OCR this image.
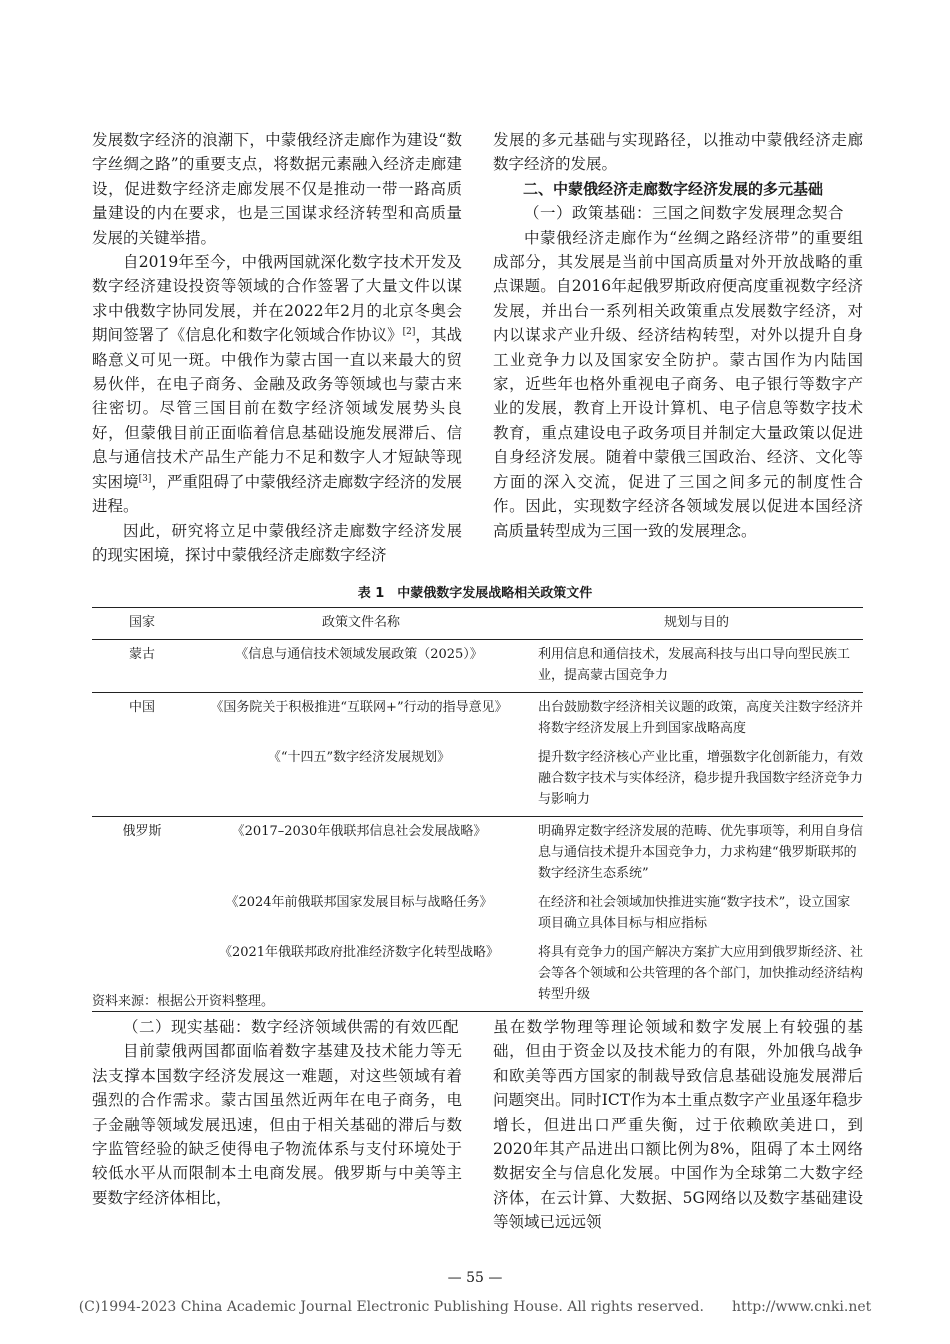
发展数字经济的浪潮下，中蒙俄经济走廊作为建设“数字丝绸之路”的重要支点，将数据元素融入经济走廊建设，促进数字经济走廊发展不仅是推动一带一路高质量建设的内在要求，也是三国谋求经济转型和高质量发展的关键举措。

自2019年至今，中俄两国就深化数字技术开发及数字经济建设投资等领域的合作签署了大量文件以谋求中俄数字协同发展，并在2022年2月的北京冬奥会期间签署了《信息化和数字化领域合作协议》[2]，其战略意义可见一斑。中俄作为蒙古国一直以来最大的贸易伙伴，在电子商务、金融及政务等领域也与蒙古来往密切。尽管三国目前在数字经济领域发展势头良好，但蒙俄目前正面临着信息基础设施发展滞后、信息与通信技术产品生产能力不足和数字人才短缺等现实困境[3]，严重阻碍了中蒙俄经济走廊数字经济的发展进程。

因此，研究将立足中蒙俄经济走廊数字经济发展的现实困境，探讨中蒙俄经济走廊数字经济

发展的多元基础与实现路径，以推动中蒙俄经济走廊数字经济的发展。

二、中蒙俄经济走廊数字经济发展的多元基础

（一）政策基础：三国之间数字发展理念契合

中蒙俄经济走廊作为“丝绸之路经济带”的重要组成部分，其发展是当前中国高质量对外开放战略的重点课题。自2016年起俄罗斯政府便高度重视数字经济发展，并出台一系列相关政策重点发展数字经济，对内以谋求产业升级、经济结构转型，对外以提升自身工业竞争力以及国家安全防护。蒙古国作为内陆国家，近些年也格外重视电子商务、电子银行等数字产业的发展，教育上开设计算机、电子信息等数字技术教育，重点建设电子政务项目并制定大量政策以促进自身经济发展。随着中蒙俄三国政治、经济、文化等方面的深入交流，促进了三国之间多元的制度性合作。因此，实现数字经济各领域发展以促进本国经济高质量转型成为三国一致的发展理念。

表 1　中蒙俄数字发展战略相关政策文件
国家	政策文件名称	规划与目的
蒙古	《信息与通信技术领域发展政策（2025）》	利用信息和通信技术，发展高科技与出口导向型民族工业，提高蒙古国竞争力
中国	《国务院关于积极推进“互联网+”行动的指导意见》	出台鼓励数字经济相关议题的政策，高度关注数字经济并将数字经济发展上升到国家战略高度
	《“十四五”数字经济发展规划》	提升数字经济核心产业比重，增强数字化创新能力，有效融合数字技术与实体经济，稳步提升我国数字经济竞争力与影响力
俄罗斯	《2017–2030年俄联邦信息社会发展战略》	明确界定数字经济发展的范畴、优先事项等，利用自身信息与通信技术提升本国竞争力，力求构建“俄罗斯联邦的数字经济生态系统”
	《2024年前俄联邦国家发展目标与战略任务》	在经济和社会领域加快推进实施“数字技术”，设立国家项目确立具体目标与相应指标
	《2021年俄联邦政府批准经济数字化转型战略》	将具有竞争力的国产解决方案扩大应用到俄罗斯经济、社会等各个领域和公共管理的各个部门，加快推动经济结构转型升级
资料来源：根据公开资料整理。

（二）现实基础：数字经济领域供需的有效匹配

目前蒙俄两国都面临着数字基建及技术能力等无法支撑本国数字经济发展这一难题，对这些领域有着强烈的合作需求。蒙古国虽然近两年在电子商务，电子金融等领域发展迅速，但由于相关基础的滞后与数字监管经验的缺乏使得电子物流体系与支付环境处于较低水平从而限制本土电商发展。俄罗斯与中美等主要数字经济体相比，

虽在数学物理等理论领域和数字发展上有较强的基础，但由于资金以及技术能力的有限，外加俄乌战争和欧美等西方国家的制裁导致信息基础设施发展滞后问题突出。同时ICT作为本土重点数字产业虽逐年稳步增长，但进出口严重失衡，过于依赖欧美进口，到2020年其产品进出口额比例为8%，阻碍了本土网络数据安全与信息化发展。中国作为全球第二大数字经济体，在云计算、大数据、5G网络以及数字基础建设等领域已远远领

— 55 —
(C)1994-2023 China Academic Journal Electronic Publishing House. All rights reserved.　　http://www.cnki.net
